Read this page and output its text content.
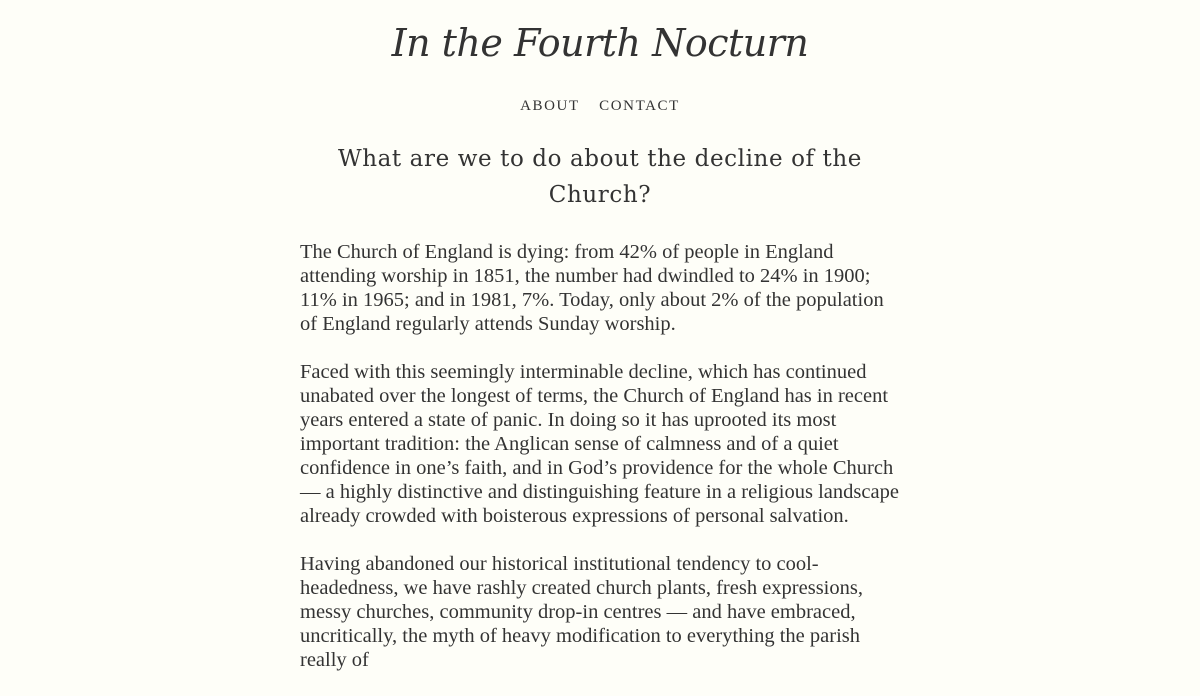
In the Fourth Nocturn
ABOUT CONTACT
What are we to do about the decline of the Church?

The Church of England is dying: from 42% of people in England attending worship in 1851, the number had dwindled to 24% in 1900; 11% in 1965; and in 1981, 7%. Today, only about 2% of the population of England regularly attends Sunday worship.

Faced with this seemingly interminable decline, which has continued unabated over the longest of terms, the Church of England has in recent years entered a state of panic. In doing so it has uprooted its most important tradition: the Anglican sense of calmness and of a quiet confidence in one’s faith, and in God’s providence for the whole Church — a highly distinctive and distinguishing feature in a religious landscape already crowded with boisterous expressions of personal salvation.

Having abandoned our historical institutional tendency to cool-headedness, we have rashly created church plants, fresh expressions, messy churches, community drop-in centres — and have embraced, uncritically, the myth of heavy modification to everything the parish really of
